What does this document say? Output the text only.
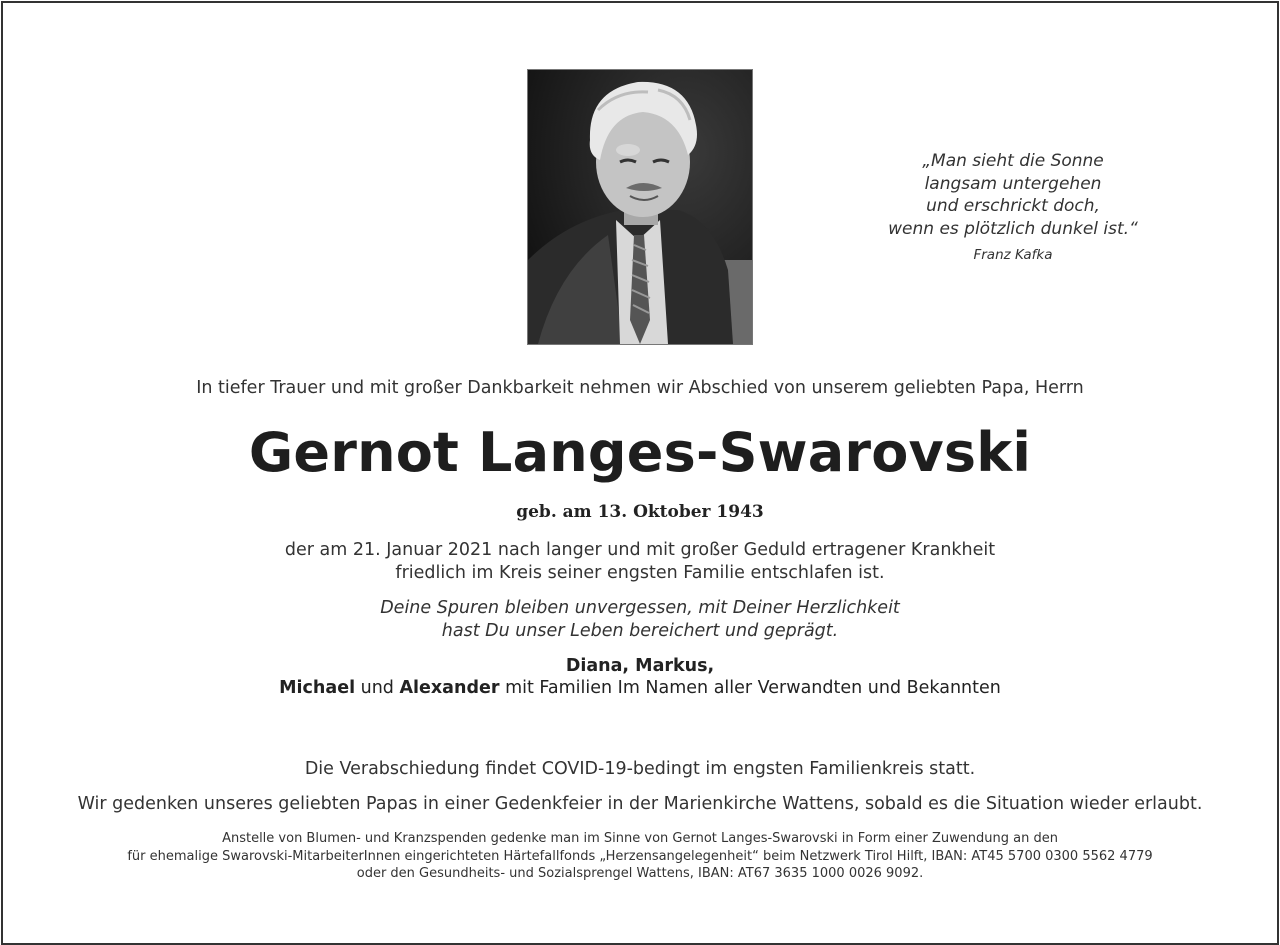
„Man sieht die Sonne
langsam untergehen
und erschrickt doch,
wenn es plötzlich dunkel ist.“
Franz Kafka
In tiefer Trauer und mit großer Dankbarkeit nehmen wir Abschied von unserem geliebten Papa, Herrn
Gernot Langes-Swarovski
geb. am 13. Oktober 1943
der am 21. Januar 2021 nach langer und mit großer Geduld ertragener Krankheit
friedlich im Kreis seiner engsten Familie entschlafen ist.
Deine Spuren bleiben unvergessen, mit Deiner Herzlichkeit
hast Du unser Leben bereichert und geprägt.
Diana, Markus,
Michael und Alexander mit Familien Im Namen aller Verwandten und Bekannten
Die Verabschiedung findet COVID-19-bedingt im engsten Familienkreis statt.
Wir gedenken unseres geliebten Papas in einer Gedenkfeier in der Marienkirche Wattens, sobald es die Situation wieder erlaubt.
Anstelle von Blumen- und Kranzspenden gedenke man im Sinne von Gernot Langes-Swarovski in Form einer Zuwendung an den
für ehemalige Swarovski-MitarbeiterInnen eingerichteten Härtefallfonds „Herzensangelegenheit“ beim Netzwerk Tirol Hilft, IBAN: AT45 5700 0300 5562 4779
oder den Gesundheits- und Sozialsprengel Wattens, IBAN: AT67 3635 1000 0026 9092.
